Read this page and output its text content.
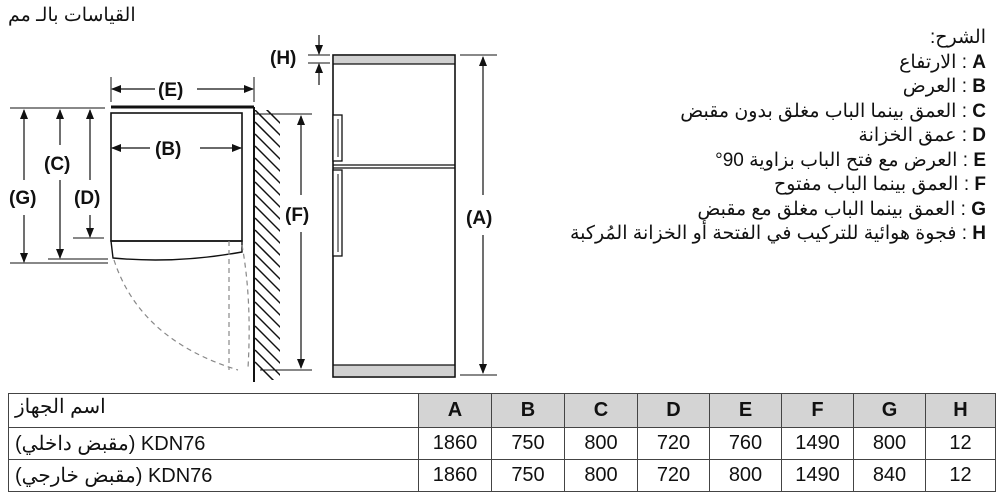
القياسات بالـ مم
(E)
(B)
(G)
(C)
(D)
(F)
(H)
(A)
الشرح:
A : الارتفاع
B : العرض
C : العمق بينما الباب مغلق بدون مقبض
D : عمق الخزانة
E : العرض مع فتح الباب بزاوية 90°
F : العمق بينما الباب مفتوح
G : العمق بينما الباب مغلق مع مقبض
H : فجوة هوائية للتركيب في الفتحة أو الخزانة المُركبة
اسم الجهاز	A	B	C	D	E	F	G	H
KDN76 (مقبض داخلي)	1860	750	800	720	760	1490	800	12
KDN76 (مقبض خارجي)	1860	750	800	720	800	1490	840	12
